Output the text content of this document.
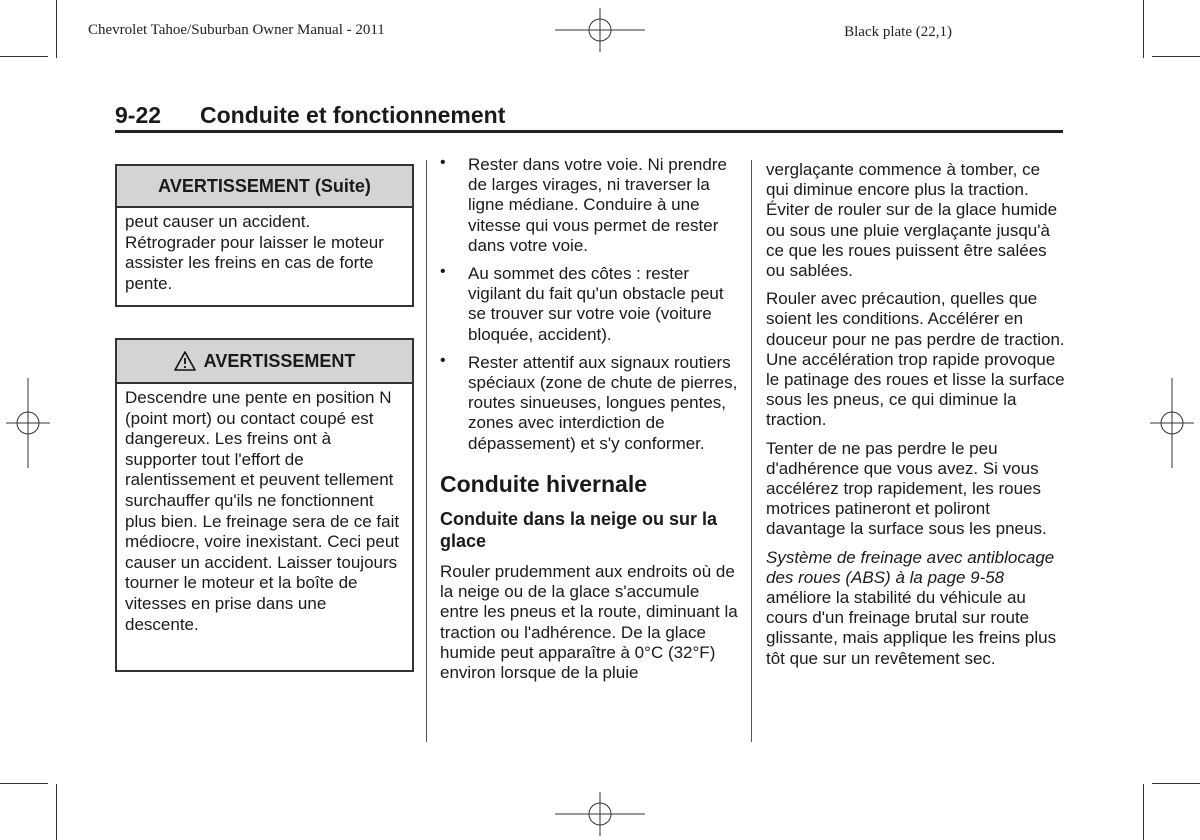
Chevrolet Tahoe/Suburban Owner Manual - 2011	Black plate (22,1)
9-22 Conduite et fonctionnement
AVERTISSEMENT (Suite)
peut causer un accident. Rétrograder pour laisser le moteur assister les freins en cas de forte pente.
AVERTISSEMENT
Descendre une pente en position N (point mort) ou contact coupé est dangereux. Les freins ont à supporter tout l'effort de ralentissement et peuvent tellement surchauffer qu'ils ne fonctionnent plus bien. Le freinage sera de ce fait médiocre, voire inexistant. Ceci peut causer un accident. Laisser toujours tourner le moteur et la boîte de vitesses en prise dans une descente.
• Rester dans votre voie. Ni prendre de larges virages, ni traverser la ligne médiane. Conduire à une vitesse qui vous permet de rester dans votre voie.
• Au sommet des côtes : rester vigilant du fait qu'un obstacle peut se trouver sur votre voie (voiture bloquée, accident).
• Rester attentif aux signaux routiers spéciaux (zone de chute de pierres, routes sinueuses, longues pentes, zones avec interdiction de dépassement) et s'y conformer.
Conduite hivernale
Conduite dans la neige ou sur la glace

Rouler prudemment aux endroits où de la neige ou de la glace s'accumule entre les pneus et la route, diminuant la traction ou l'adhérence. De la glace humide peut apparaître à 0°C (32°F) environ lorsque de la pluie

verglaçante commence à tomber, ce qui diminue encore plus la traction. Éviter de rouler sur de la glace humide ou sous une pluie verglaçante jusqu'à ce que les roues puissent être salées ou sablées.

Rouler avec précaution, quelles que soient les conditions. Accélérer en douceur pour ne pas perdre de traction. Une accélération trop rapide provoque le patinage des roues et lisse la surface sous les pneus, ce qui diminue la traction.

Tenter de ne pas perdre le peu d'adhérence que vous avez. Si vous accélérez trop rapidement, les roues motrices patineront et poliront davantage la surface sous les pneus.

Système de freinage avec antiblocage des roues (ABS) à la page 9-58 améliore la stabilité du véhicule au cours d'un freinage brutal sur route glissante, mais applique les freins plus tôt que sur un revêtement sec.
